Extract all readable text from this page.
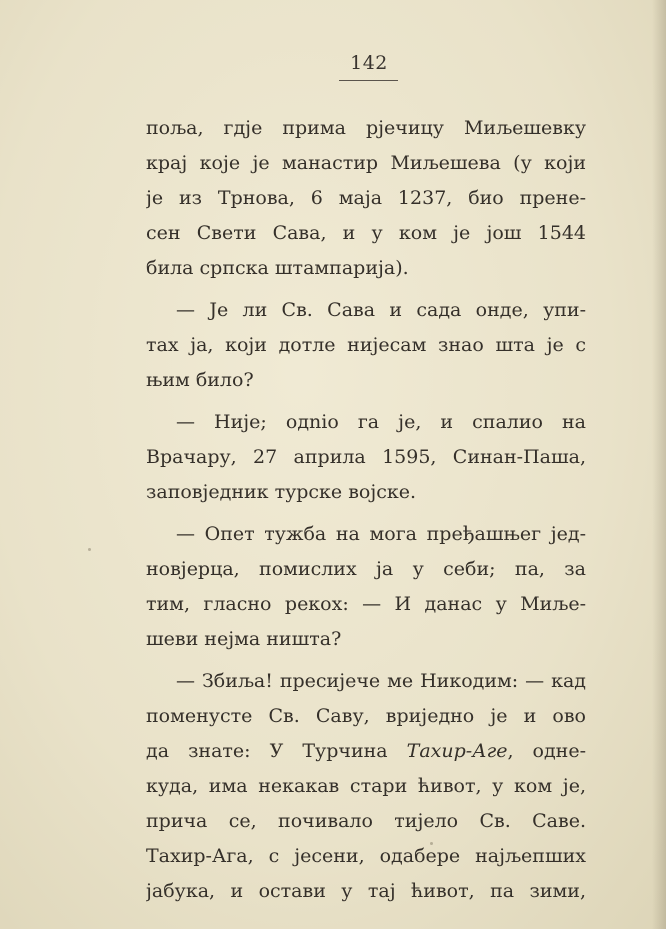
142
поља, гдје прима рјечицу Миљешевку
крај које је манастир Миљешева (у који
је из Трнова, 6 маја 1237, био прене-
сен Свети Сава, и у ком је још 1544
била српска штампарија).
— Је ли Св. Сава и сада онде, упи-
тах ја, који дотле нијесам знао шта је с
њим било?
— Није; одnio га је, и спалио на
Врачару, 27 априла 1595, Синан-Паша,
заповједник турске војске.
— Опет тужба на мога пређашњег јед-
новјерца, помислих ја у себи; па, за
тим, гласно рекох: — И данас у Миље-
шеви нејма ништа?
— Збиља! пресијече ме Никодим: — кад
поменусте Св. Саву, вриједно је и ово
да знате: У Турчина Тахир-Аге, одне-
куда, има некакав стари ћивот, у ком је,
прича се, почивало тијело Св. Саве.
Тахир-Ага, с јесени, одабере најљепших
јабука, и остави у тај ћивот, па зими,
